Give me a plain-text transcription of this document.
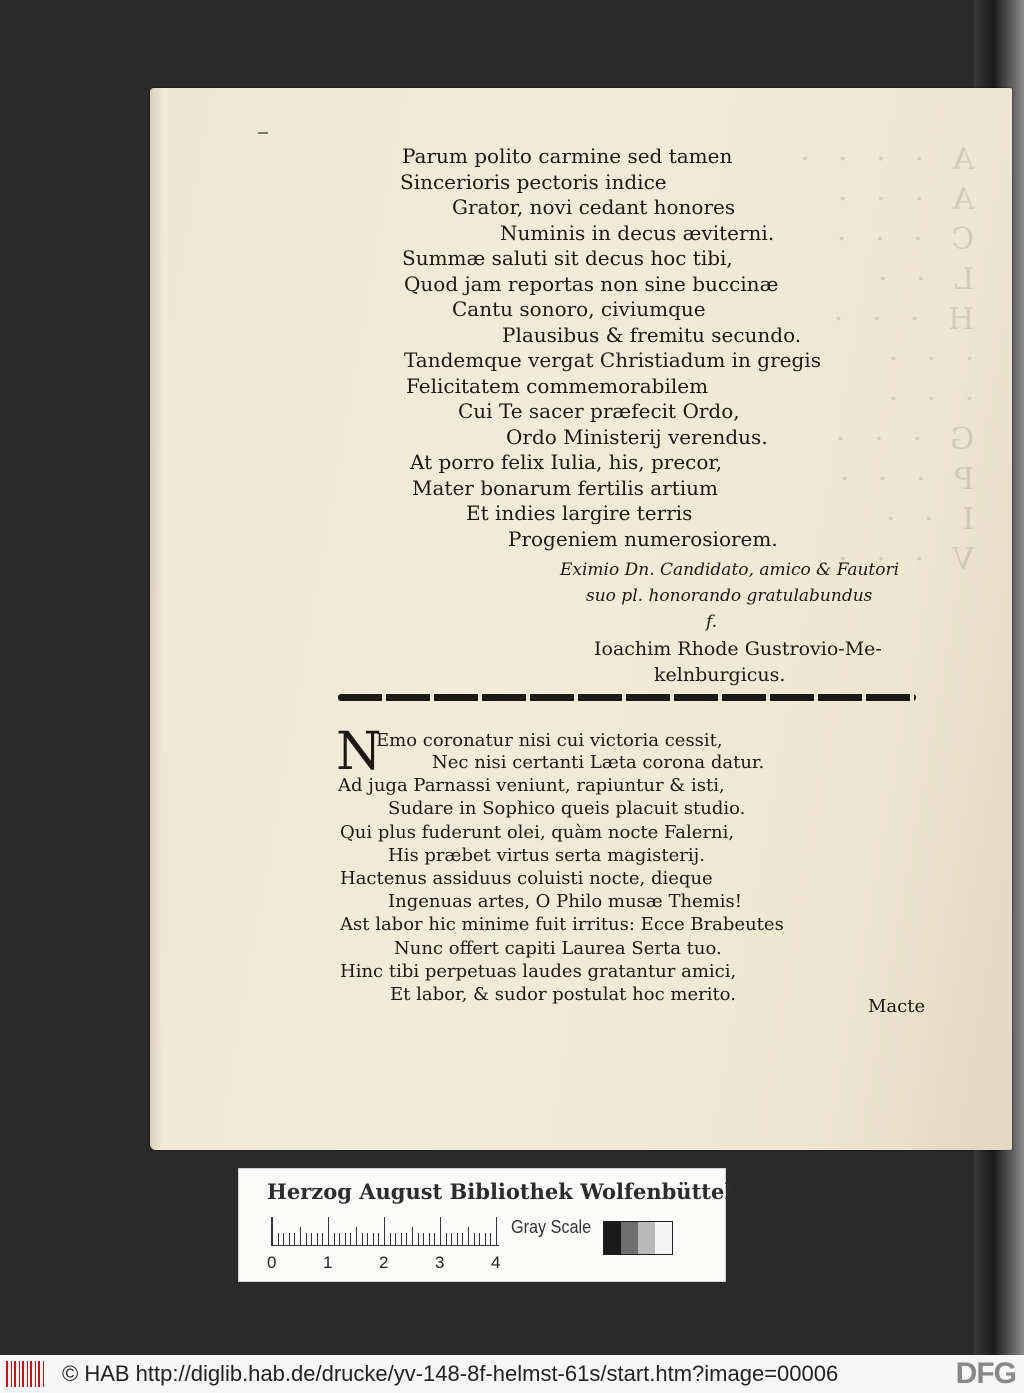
A   ·   ·   ·   ·
A   ·   ·   ·
C   ·   ·   ·
L   ·   ·
H   ·   ·   ·
·   ·   ·
·   ·   ·
G   ·   ·   ·
P   ·   ·   ·
I   ·   ·
V   ·   ·   ·
Parum polito carmine sed tamen
Sincerioris pectoris indice
Grator, novi cedant honores
Numinis in decus æviterni.
Summæ saluti sit decus hoc tibi,
Quod jam reportas non sine buccinæ
Cantu sonoro, civiumque
Plausibus & fremitu secundo.
Tandemque vergat Christiadum in gregis
Felicitatem commemorabilem
Cui Te sacer præfecit Ordo,
Ordo Ministerij verendus.
At porro felix Iulia, his, precor,
Mater bonarum fertilis artium
Et indies largire terris
Progeniem numerosiorem.
Eximio Dn. Candidato, amico & Fautori
suo pl. honorando gratulabundus
f.
Ioachim Rhode Gustrovio-Me-
kelnburgicus.
N
Emo coronatur nisi cui victoria cessit,
Nec nisi certanti Læta corona datur.
Ad juga Parnassi veniunt, rapiuntur & isti,
Sudare in Sophico queis placuit studio.
Qui plus fuderunt olei, quàm nocte Falerni,
His præbet virtus serta magisterij.
Hactenus assiduus coluisti nocte, dieque
Ingenuas artes, O Philo musæ Themis!
Ast labor hic minime fuit irritus: Ecce Brabeutes
Nunc offert capiti Laurea Serta tuo.
Hinc tibi perpetuas laudes gratantur amici,
Et labor, & sudor postulat hoc merito.
Macte
Herzog August Bibliothek Wolfenbüttel
0	1	2	3	4
Gray Scale
© HAB http://diglib.hab.de/drucke/yv-148-8f-helmst-61s/start.htm?image=00006	DFG
